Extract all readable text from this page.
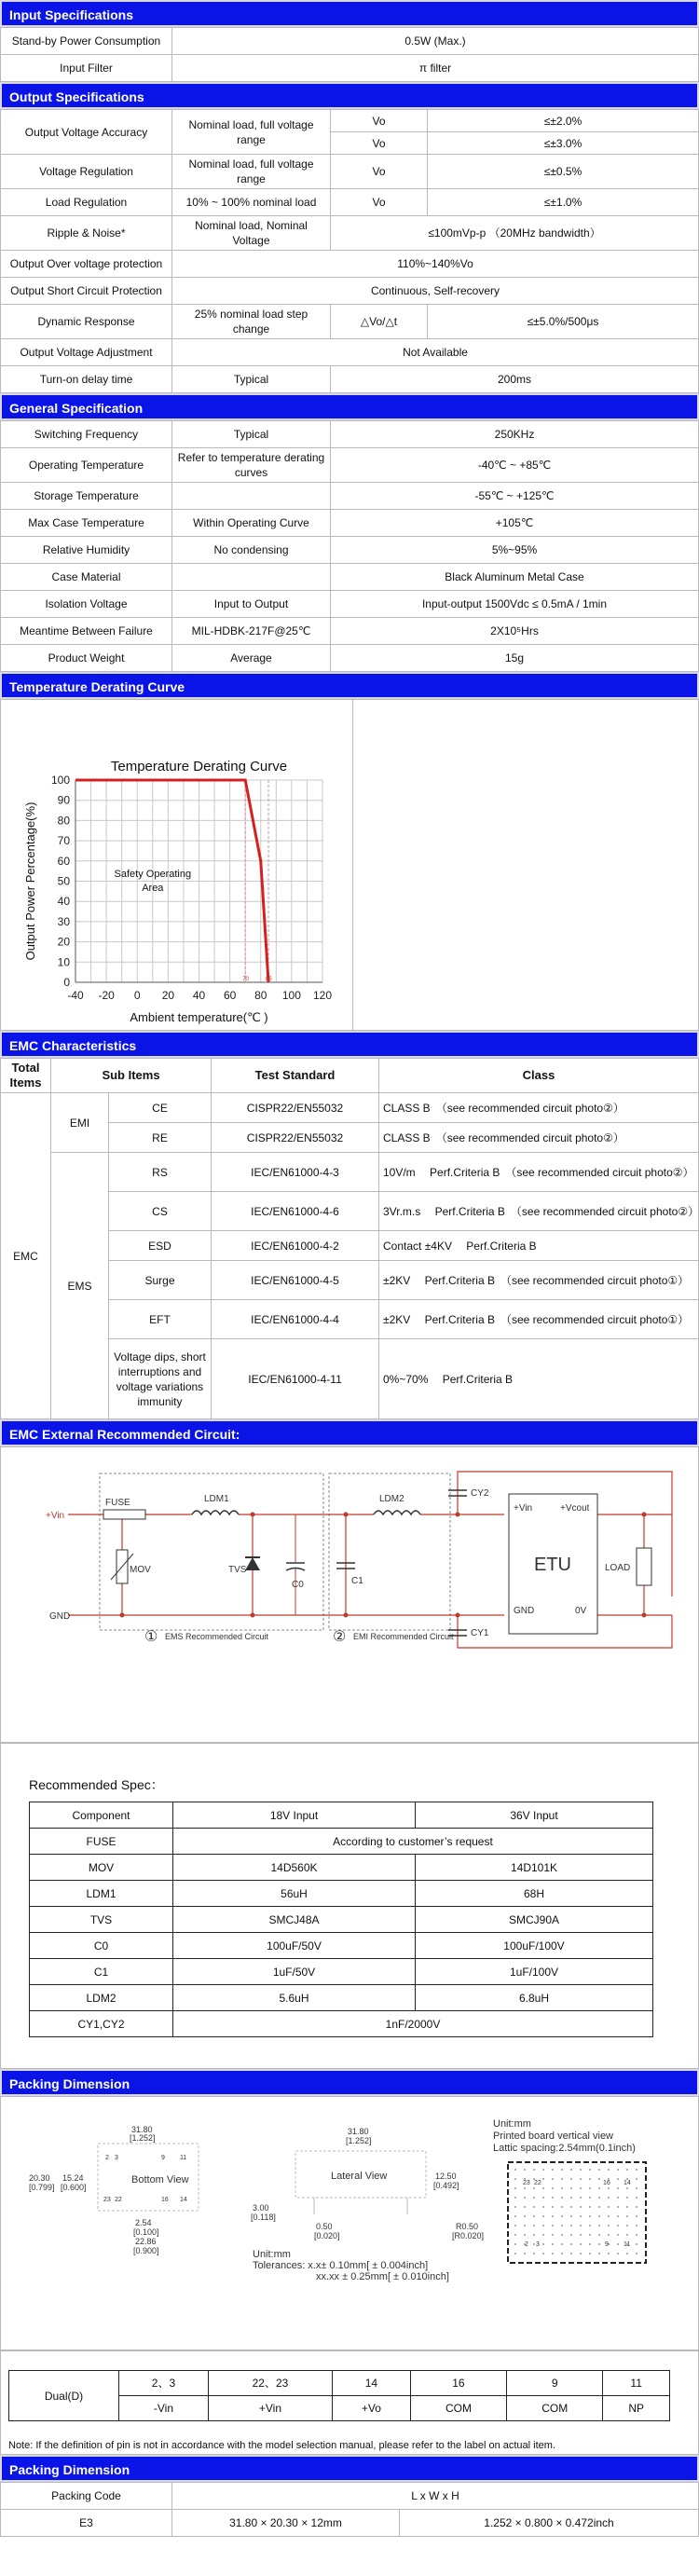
Input Specifications
Stand-by Power Consumption	0.5W (Max.)
Input Filter	π filter
Output Specifications
Output Voltage Accuracy	Nominal load, full voltage range	Vo	≤±2.0%
		Vo	≤±3.0%
Voltage Regulation	Nominal load, full voltage range	Vo	≤±0.5%
Load Regulation	10% ~ 100% nominal load	Vo	≤±1.0%
Ripple & Noise*	Nominal load, Nominal Voltage	≤100mVp-p （20MHz bandwidth）	
Output Over voltage protection	110%~140%Vo		
Output Short Circuit Protection	Continuous, Self-recovery		
Dynamic Response	25% nominal load step change	△Vo/△t	≤±5.0%/500μs
Output Voltage Adjustment	Not Available		
Turn-on delay time	Typical	200ms	
General Specification
Switching Frequency	Typical	250KHz
Operating Temperature	Refer to temperature derating curves	-40℃ ~ +85℃
Storage Temperature		-55℃ ~ +125℃
Max Case Temperature	Within Operating Curve	+105℃
Relative Humidity	No condensing	5%~95%
Case Material		Black Aluminum Metal Case
Isolation Voltage	Input to Output	Input-output 1500Vdc ≤ 0.5mA / 1min
Meantime Between Failure	MIL-HDBK-217F@25℃	2X10⁵Hrs
Product Weight	Average	15g
Temperature Derating Curve
0
10
20
30
40
50
60
70
80
90
100
-40 -20 0 20 40 60 80 100 120
70	85
Temperature Derating Curve
Ambient temperature(℃ )
Output Power Percentage(%)	Safety Operating
Area
EMC Characteristics
Total Items	Sub Items		Test Standard	Class
EMC	EMI	CE	CISPR22/EN55032	CLASS B　（see recommended circuit photo②）
		RE	CISPR22/EN55032	CLASS B　（see recommended circuit photo②）
	EMS	RS	IEC/EN61000-4-3	10V/m　 Perf.Criteria B　（see recommended circuit photo②）
		CS	IEC/EN61000-4-6	3Vr.m.s　 Perf.Criteria B　（see recommended circuit photo②）
		ESD	IEC/EN61000-4-2	Contact ±4KV　 Perf.Criteria B
		Surge	IEC/EN61000-4-5	±2KV　 Perf.Criteria B　（see recommended circuit photo①）
		EFT	IEC/EN61000-4-4	±2KV　 Perf.Criteria B　（see recommended circuit photo①）
		Voltage dips, short interruptions and voltage variations immunity	IEC/EN61000-4-11	0%~70%　 Perf.Criteria B
EMC External Recommended Circuit:
+Vin
GND
FUSE	LDM1	LDM2
MOV	TVS
C0	C1
CY2
CY1
ETU	LOAD
+Vin	+Vcout
GND	0V
① EMS Recommended Circuit	② EMI Recommended Circuit
Recommended Spec：
Component	18V Input	36V Input
FUSE	According to customer’s request	
MOV	14D560K	14D101K
LDM1	56uH	68H
TVS	SMCJ48A	SMCJ90A
C0	100uF/50V	100uF/100V
C1	1uF/50V	1uF/100V
LDM2	5.6uH	6.8uH
CY1,CY2	1nF/2000V	
Packing Dimension
31.80
[1.252]
Bottom View
20.30
[0.799]
15.24
[0.600]
2 3	9 11
23 22	16 14
2.54
[0.100]
22.86
[0.900]
31.80
[1.252]
Lateral View	12.50
[0.492]
3.00
[0.118]
0.50
[0.020]
R0.50
[R0.020]
Unit:mm
Tolerances: x.x± 0.10mm[ ± 0.004inch]
xx.xx ± 0.25mm[ ± 0.010inch]
Unit:mm
Printed board vertical view
Lattic spacing:2.54mm(0.1inch)
23 22	16 14
2 3	9 11
Dual(D)	2、3	22、23	14	16	9	11
	-Vin	+Vin	+Vo	COM	COM	NP
Note: If the definition of pin is not in accordance with the model selection manual, please refer to the label on actual item.
Packing Dimension
Packing Code	L x W x H	
E3	31.80 × 20.30 × 12mm	1.252 × 0.800 × 0.472inch
